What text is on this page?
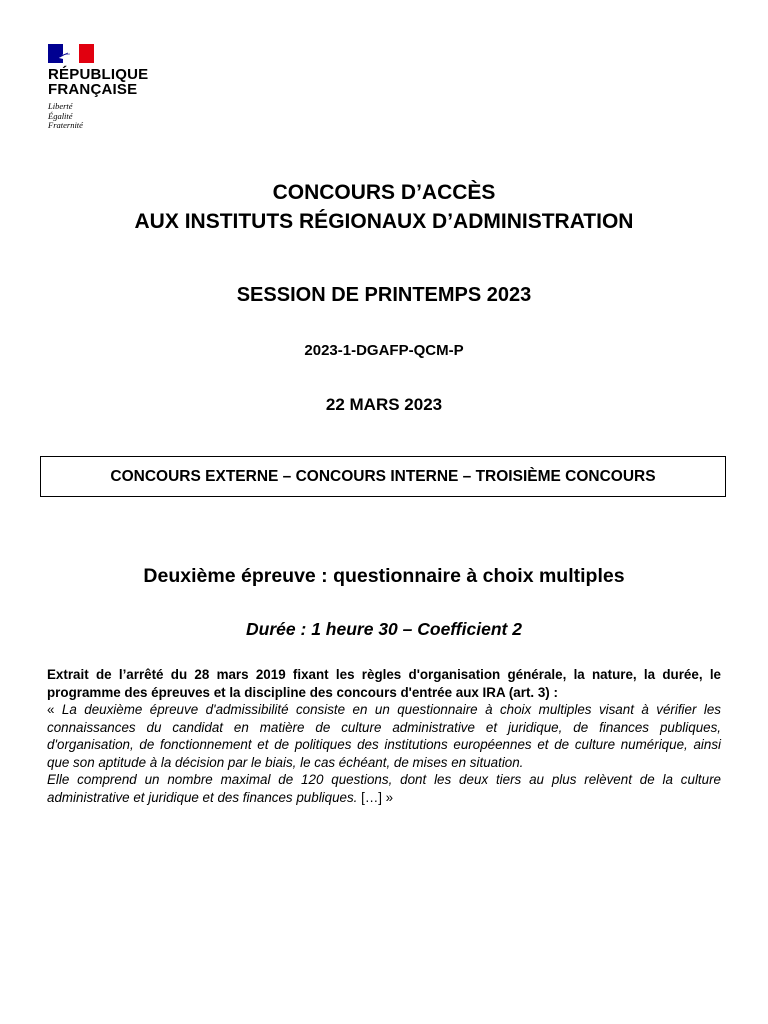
RÉPUBLIQUE
FRANÇAISE
Liberté
Égalité
Fraternité
CONCOURS D’ACCÈS
AUX INSTITUTS RÉGIONAUX D’ADMINISTRATION
SESSION DE PRINTEMPS 2023
2023-1-DGAFP-QCM-P
22 MARS 2023
CONCOURS EXTERNE – CONCOURS INTERNE – TROISIÈME CONCOURS
Deuxième épreuve : questionnaire à choix multiples
Durée : 1 heure 30 – Coefficient 2

Extrait de l’arrêté du 28 mars 2019 fixant les règles d'organisation générale, la nature, la durée, le programme des épreuves et la discipline des concours d'entrée aux IRA (art. 3) :

« La deuxième épreuve d'admissibilité consiste en un questionnaire à choix multiples visant à vérifier les connaissances du candidat en matière de culture administrative et juridique, de finances publiques, d'organisation, de fonctionnement et de politiques des institutions européennes et de culture numérique, ainsi que son aptitude à la décision par le biais, le cas échéant, de mises en situation.

Elle comprend un nombre maximal de 120 questions, dont les deux tiers au plus relèvent de la culture administrative et juridique et des finances publiques. […] »
